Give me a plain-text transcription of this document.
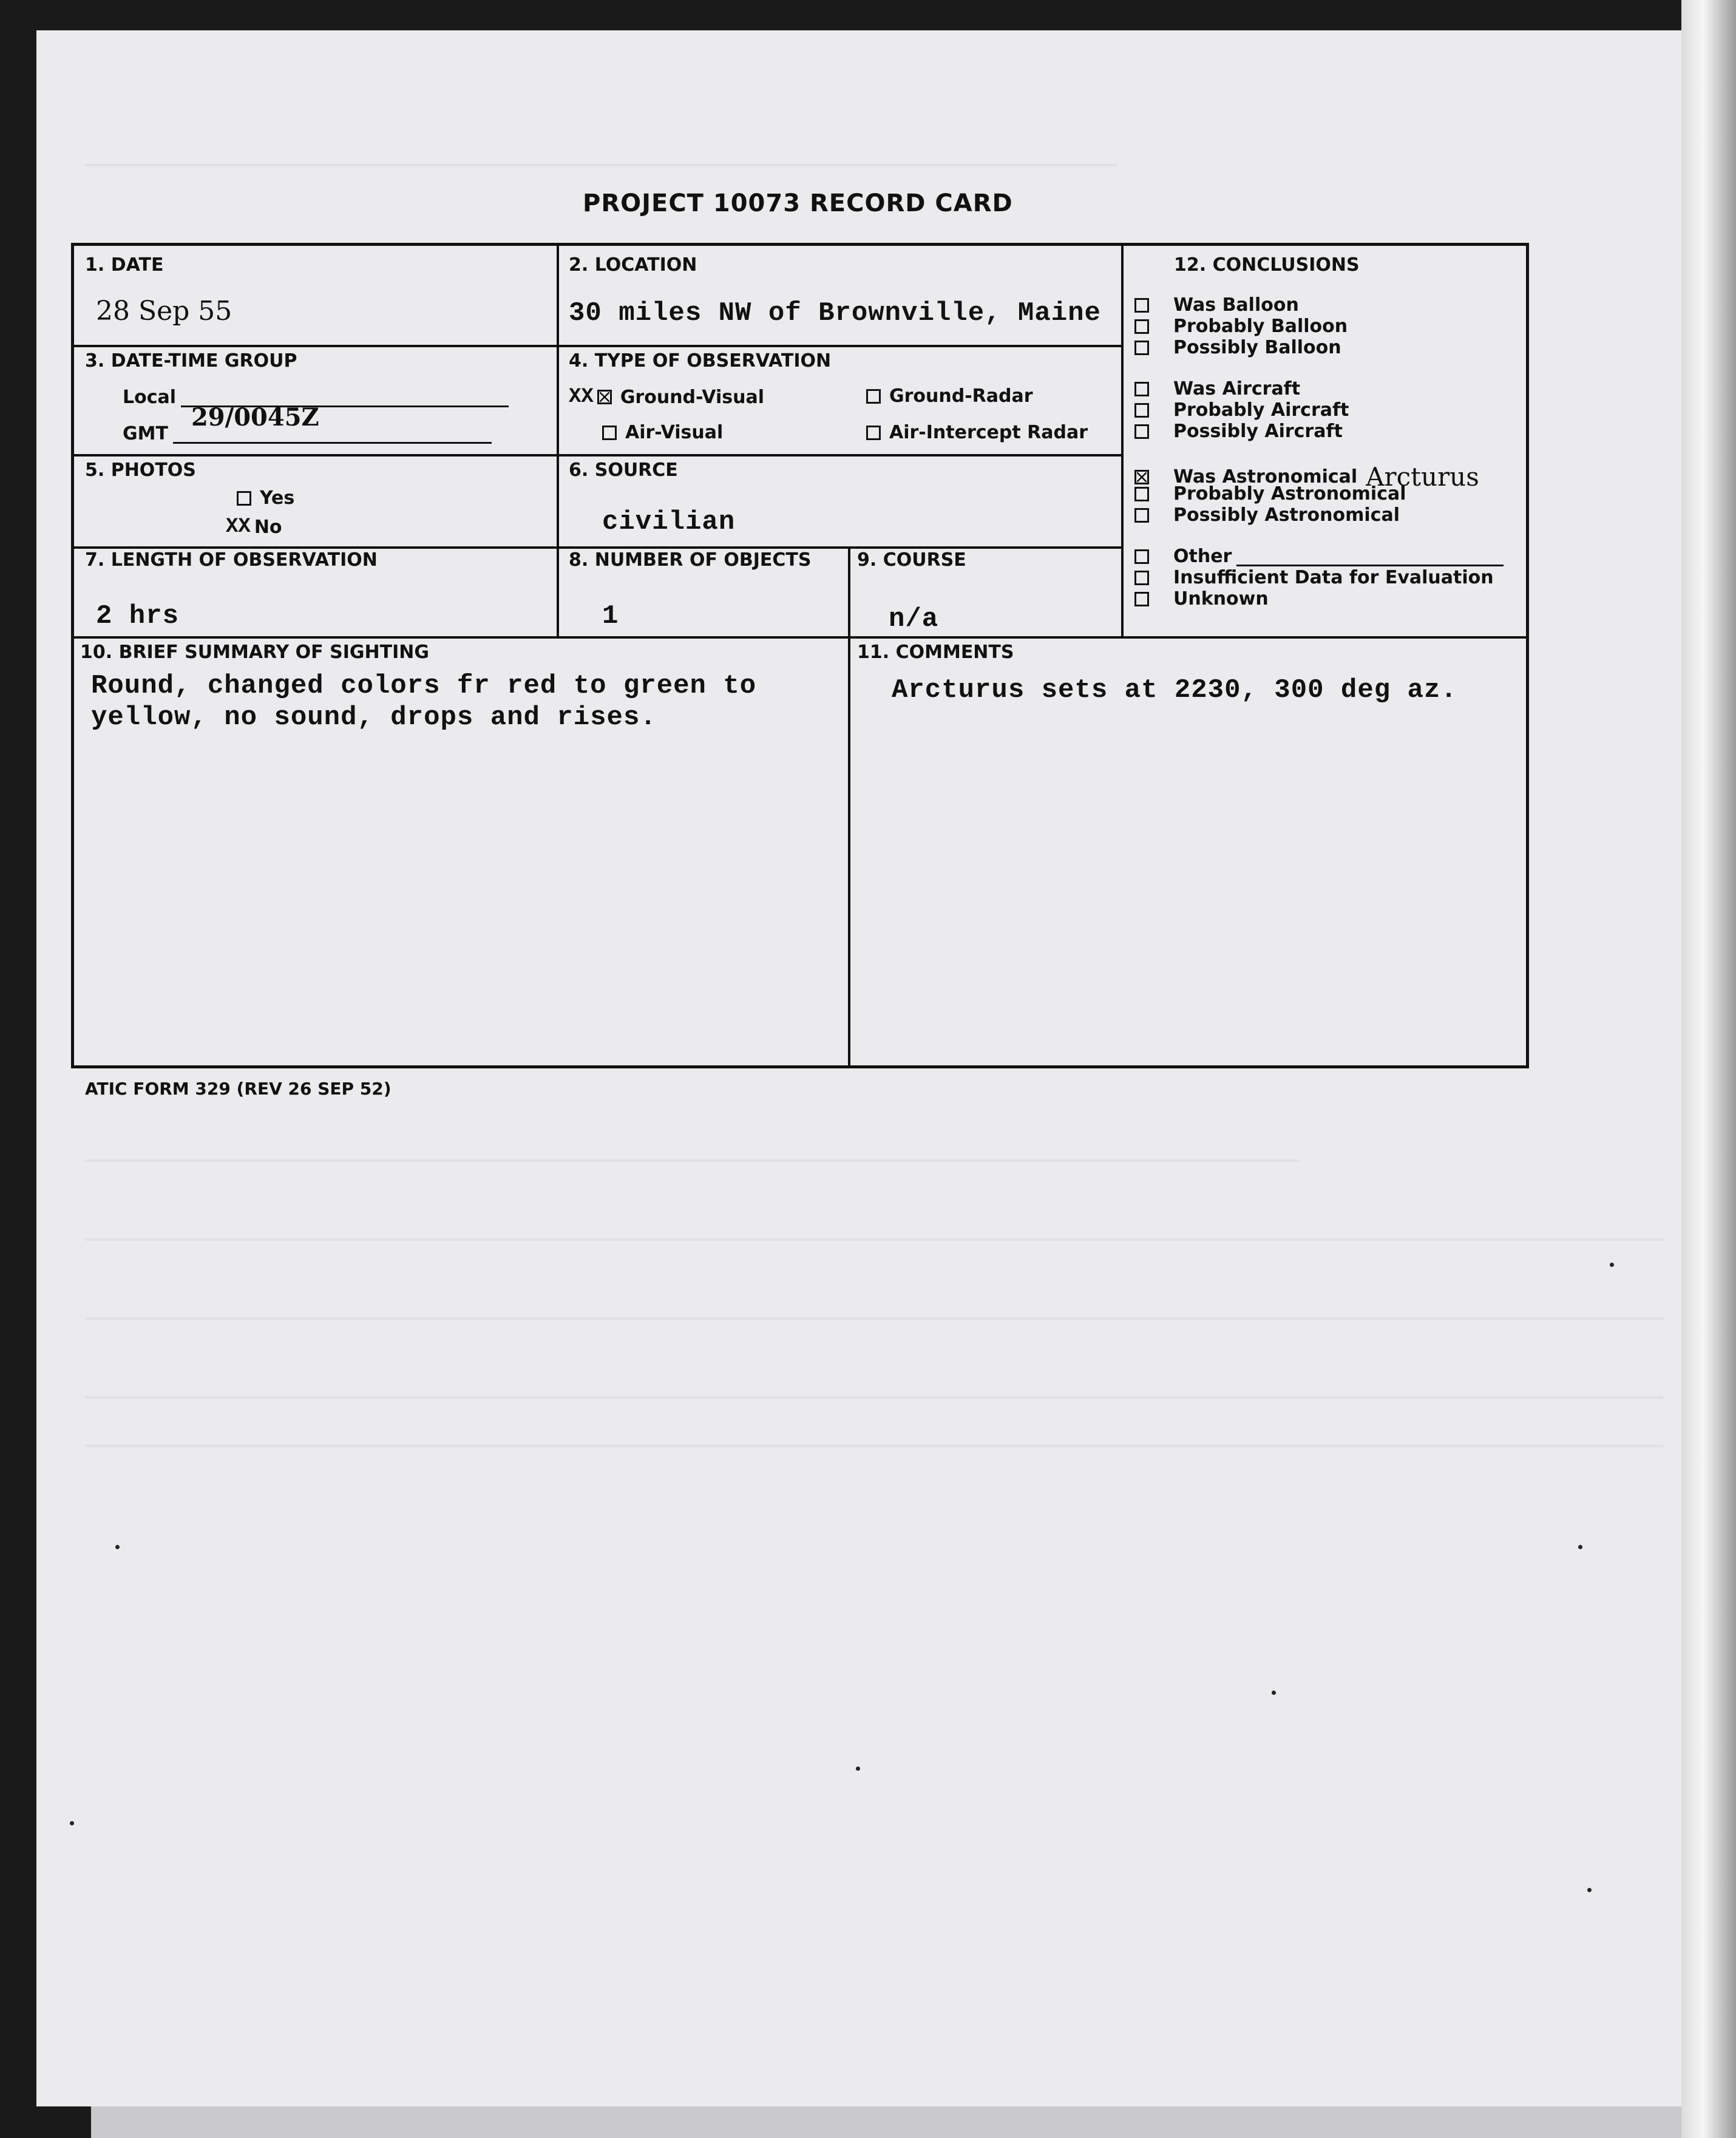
PROJECT 10073 RECORD CARD
1. DATE
28 Sep 55
2. LOCATION
30 miles NW of Brownville, Maine
12. CONCLUSIONS
Was Balloon
Probably Balloon
Possibly Balloon
Was Aircraft
Probably Aircraft
Possibly Aircraft
Was Astronomical Arcturus
Probably Astronomical
Possibly Astronomical
Other
Insufficient Data for Evaluation
Unknown
3. DATE-TIME GROUP
Local
GMT
29/0045Z
4. TYPE OF OBSERVATION
XX Ground-Visual	Ground-Radar
Air-Visual	Air-Intercept Radar
5. PHOTOS
Yes
XX No
6. SOURCE
civilian
7. LENGTH OF OBSERVATION
2 hrs
8. NUMBER OF OBJECTS
1
9. COURSE
n/a
10. BRIEF SUMMARY OF SIGHTING
Round, changed colors fr red to green to
yellow, no sound, drops and rises.
11. COMMENTS
Arcturus sets at 2230, 300 deg az.
ATIC FORM 329 (REV 26 SEP 52)
